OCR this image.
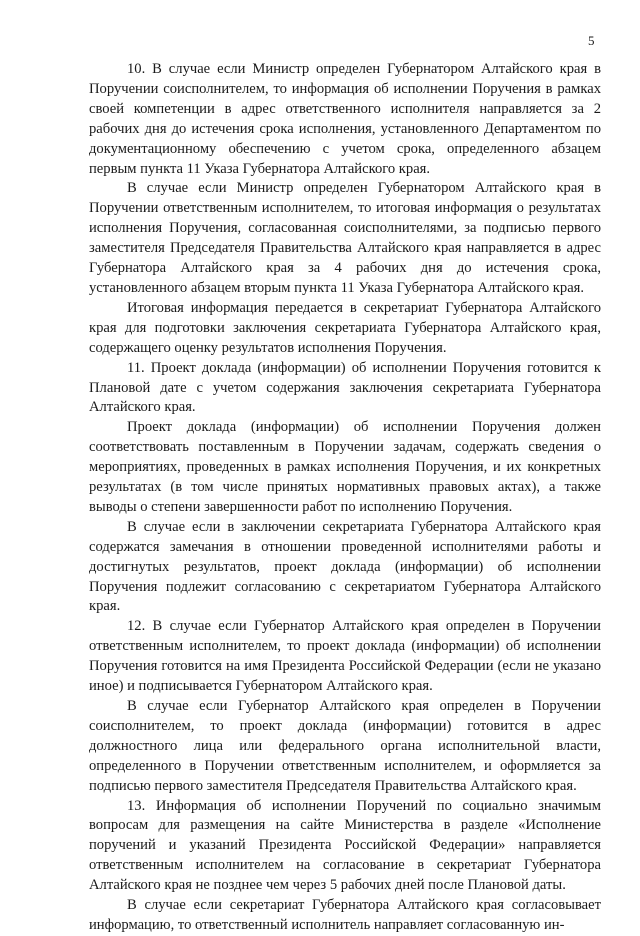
5

10. В случае если Министр определен Губернатором Алтайского края в Поручении соисполнителем, то информация об исполнении Поручения в рамках своей компетенции в адрес ответственного исполнителя направляется за 2 рабочих дня до истечения срока исполнения, установленного Департаментом по документационному обеспечению с учетом срока, определенного абзацем первым пункта 11 Указа Губернатора Алтайского края.

В случае если Министр определен Губернатором Алтайского края в Поручении ответственным исполнителем, то итоговая информация о результатах исполнения Поручения, согласованная соисполнителями, за подписью первого заместителя Председателя Правительства Алтайского края направляется в адрес Губернатора Алтайского края за 4 рабочих дня до истечения срока, установленного абзацем вторым пункта 11 Указа Губернатора Алтайского края.

Итоговая информация передается в секретариат Губернатора Алтайского края для подготовки заключения секретариата Губернатора Алтайского края, содержащего оценку результатов исполнения Поручения.

11. Проект доклада (информации) об исполнении Поручения готовится к Плановой дате с учетом содержания заключения секретариата Губернатора Алтайского края.

Проект доклада (информации) об исполнении Поручения должен соответствовать поставленным в Поручении задачам, содержать сведения о мероприятиях, проведенных в рамках исполнения Поручения, и их конкретных результатах (в том числе принятых нормативных правовых актах), а также выводы о степени завершенности работ по исполнению Поручения.

В случае если в заключении секретариата Губернатора Алтайского края содержатся замечания в отношении проведенной исполнителями работы и достигнутых результатов, проект доклада (информации) об исполнении Поручения подлежит согласованию с секретариатом Губернатора Алтайского края.

12. В случае если Губернатор Алтайского края определен в Поручении ответственным исполнителем, то проект доклада (информации) об исполнении Поручения готовится на имя Президента Российской Федерации (если не указано иное) и подписывается Губернатором Алтайского края.

В случае если Губернатор Алтайского края определен в Поручении соисполнителем, то проект доклада (информации) готовится в адрес должностного лица или федерального органа исполнительной власти, определенного в Поручении ответственным исполнителем, и оформляется за подписью первого заместителя Председателя Правительства Алтайского края.

13. Информация об исполнении Поручений по социально значимым вопросам для размещения на сайте Министерства в разделе «Исполнение поручений и указаний Президента Российской Федерации» направляется ответственным исполнителем на согласование в секретариат Губернатора Алтайского края не позднее чем через 5 рабочих дней после Плановой даты.

В случае если секретариат Губернатора Алтайского края согласовывает информацию, то ответственный исполнитель направляет согласованную ин-
